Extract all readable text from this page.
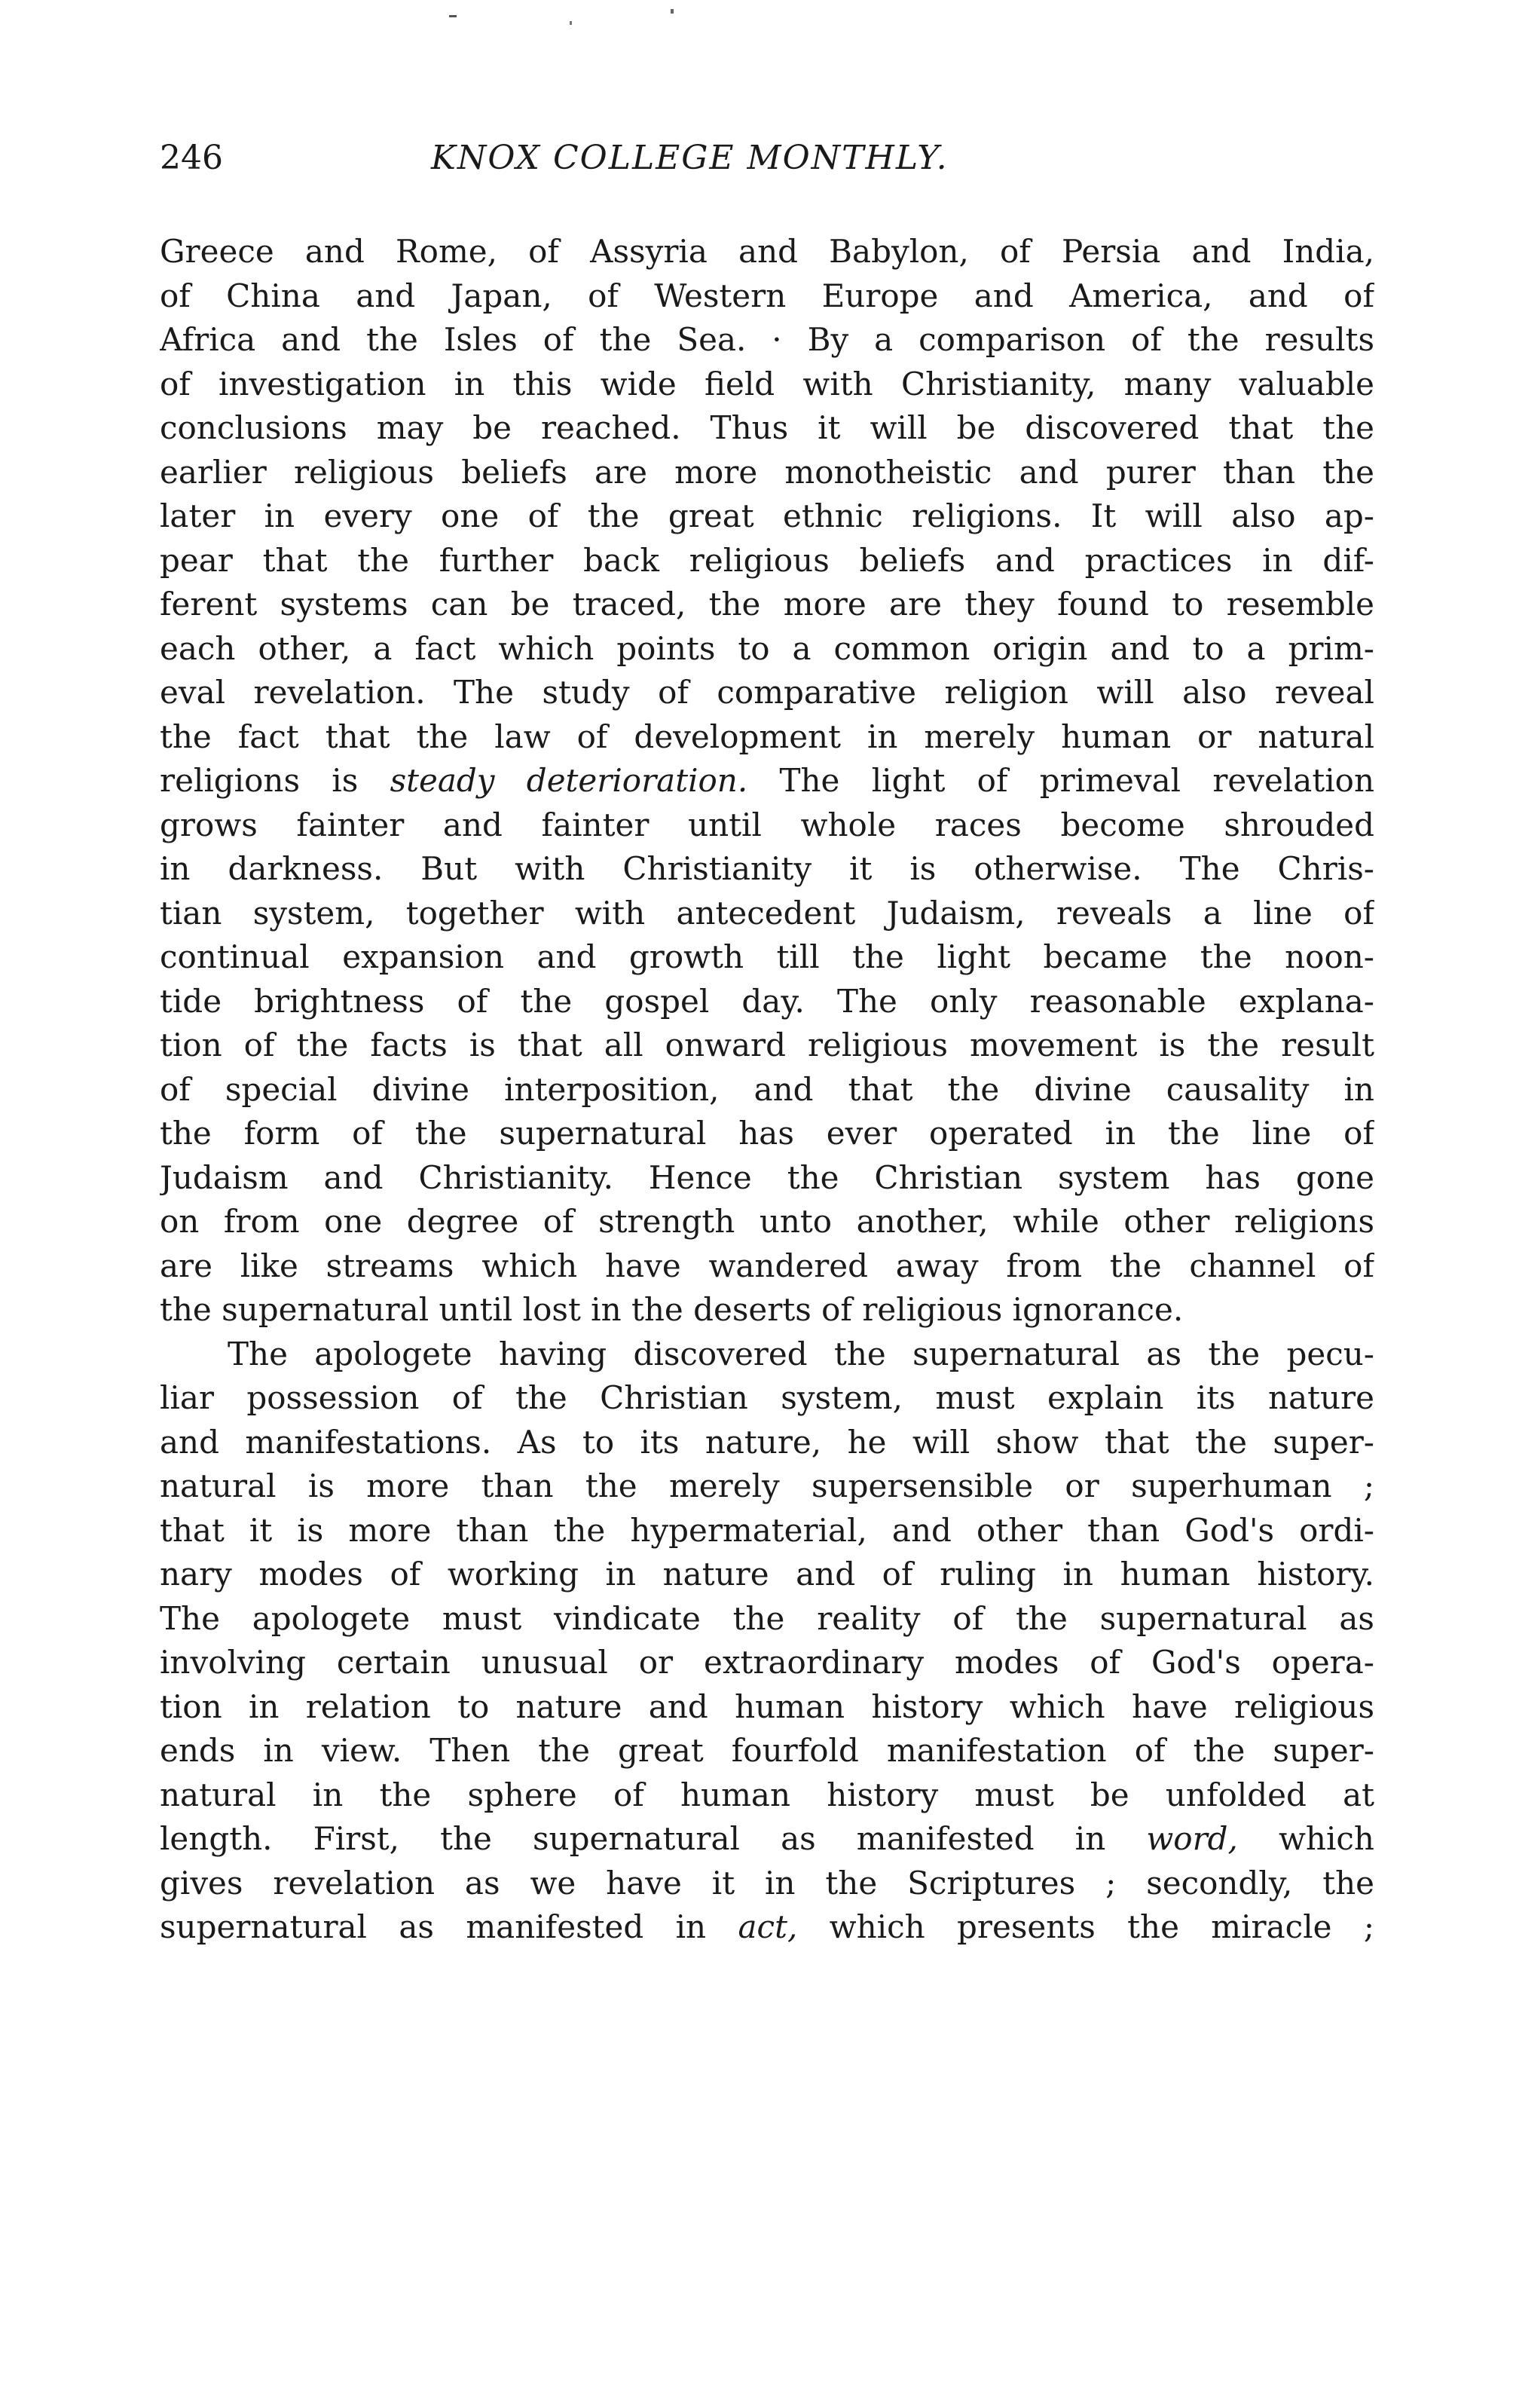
246	KNOX COLLEGE MONTHLY.
Greece and Rome, of Assyria and Babylon, of Persia and India,
of China and Japan, of Western Europe and America, and of
Africa and the Isles of the Sea. · By a comparison of the results
of investigation in this wide field with Christianity, many valuable
conclusions may be reached. Thus it will be discovered that the
earlier religious beliefs are more monotheistic and purer than the
later in every one of the great ethnic religions. It will also ap-
pear that the further back religious beliefs and practices in dif-
ferent systems can be traced, the more are they found to resemble
each other, a fact which points to a common origin and to a prim-
eval revelation. The study of comparative religion will also reveal
the fact that the law of development in merely human or natural
religions is steady deterioration. The light of primeval revelation
grows fainter and fainter until whole races become shrouded
in darkness. But with Christianity it is otherwise. The Chris-
tian system, together with antecedent Judaism, reveals a line of
continual expansion and growth till the light became the noon-
tide brightness of the gospel day. The only reasonable explana-
tion of the facts is that all onward religious movement is the result
of special divine interposition, and that the divine causality in
the form of the supernatural has ever operated in the line of
Judaism and Christianity. Hence the Christian system has gone
on from one degree of strength unto another, while other religions
are like streams which have wandered away from the channel of
the supernatural until lost in the deserts of religious ignorance.
The apologete having discovered the supernatural as the pecu-
liar possession of the Christian system, must explain its nature
and manifestations. As to its nature, he will show that the super-
natural is more than the merely supersensible or superhuman ;
that it is more than the hypermaterial, and other than God's ordi-
nary modes of working in nature and of ruling in human history.
The apologete must vindicate the reality of the supernatural as
involving certain unusual or extraordinary modes of God's opera-
tion in relation to nature and human history which have religious
ends in view. Then the great fourfold manifestation of the super-
natural in the sphere of human history must be unfolded at
length. First, the supernatural as manifested in word, which
gives revelation as we have it in the Scriptures ; secondly, the
supernatural as manifested in act, which presents the miracle ;
